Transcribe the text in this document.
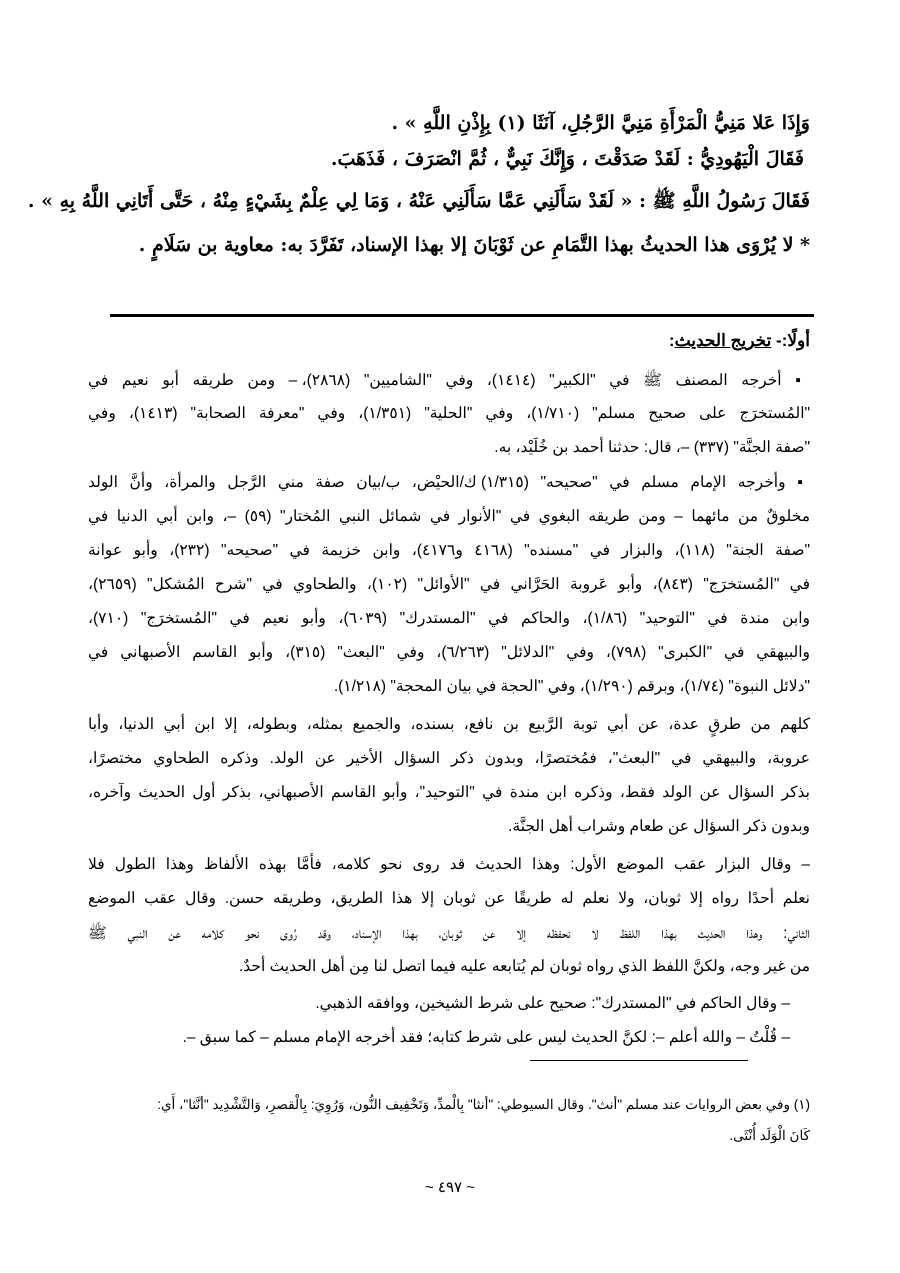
وَإِذَا عَلا مَنِيُّ الْمَرْأَةِ مَنِيَّ الرَّجُلِ، آنَثَا (١) بِإِذْنِ اللَّهِ » .
فَقَالَ الْيَهُودِيُّ : لَقَدْ صَدَقْتَ ، وَإِنَّكَ نَبِيٌّ ، ثُمَّ انْصَرَفَ ، فَذَهَبَ.
فَقَالَ رَسُولُ اللَّهِ ﷺ : « لَقَدْ سَأَلَنِي عَمَّا سَأَلَنِي عَنْهُ ، وَمَا لِي عِلْمٌ بِشَيْءٍ مِنْهُ ، حَتَّى أَتَانِي اللَّهُ بِهِ » .
* لا يُرْوَى هذا الحديثُ بهذا التَّمَامِ عن ثَوْبَانَ إلا بهذا الإسناد، تَفَرَّدَ به: معاوية بن سَلَامٍ .
أولًا:- تخريج الحديث:
▪ أخرجه المصنف ﷺ في "الكبير" (١٤١٤)، وفي "الشاميين" (٢٨٦٨)، – ومن طريقه أبو نعيم في
"المُستخرَج على صحيح مسلم" (١/٧١٠)، وفي "الحلية" (١/٣٥١)، وفي "معرفة الصحابة" (١٤١٣)، وفي
"صفة الجنَّة" (٣٣٧) –، قال: حدثنا أحمد بن خُلَيْد، به.
▪ وأخرجه الإمام مسلم في "صحيحه" (١/٣١٥) ك/الحيْض، ب/بيان صفة مني الرَّجل والمرأة، وأنَّ الولد
مخلوقٌ من مائهما – ومن طريقه البغوي في "الأنوار في شمائل النبي المُختار" (٥٩) –، وابن أبي الدنيا في
"صفة الجنة" (١١٨)، والبزار في "مسنده" (٤١٦٨ و٤١٧٦)، وابن خزيمة في "صحيحه" (٢٣٢)، وأبو عوانة
في "المُستخرَج" (٨٤٣)، وأبو عَروبة الحَرَّاني في "الأوائل" (١٠٢)، والطحاوي في "شرح المُشكل" (٢٦٥٩)،
وابن مندة في "التوحيد" (١/٨٦)، والحاكم في "المستدرك" (٦٠٣٩)، وأبو نعيم في "المُستخرَج" (٧١٠)،
والبيهقي في "الكبرى" (٧٩٨)، وفي "الدلائل" (٦/٢٦٣)، وفي "البعث" (٣١٥)، وأبو القاسم الأصبهاني في
"دلائل النبوة" (١/٧٤)، وبرقم (١/٢٩٠)، وفي "الحجة في بيان المحجة" (١/٢١٨).
كلهم من طرقٍ عدة، عن أبي توبة الرَّبيع بن نافع، بسنده، والجميع بمثله، وبطوله، إلا ابن أبي الدنيا، وأبا
عروبة، والبيهقي في "البعث"، فمُختصرًا، وبدون ذكر السؤال الأخير عن الولد. وذكره الطحاوي مختصرًا،
بذكر السؤال عن الولد فقط، وذكره ابن مندة في "التوحيد"، وأبو القاسم الأصبهاني، بذكر أول الحديث وآخره،
وبدون ذكر السؤال عن طعام وشراب أهل الجنَّة.
– وقال البزار عقب الموضع الأول: وهذا الحديث قد روى نحو كلامه، فأمَّا بهذه الألفاظ وهذا الطول فلا
نعلم أحدًا رواه إلا ثوبان، ولا نعلم له طريقًا عن ثوبان إلا هذا الطريق، وطريقه حسن. وقال عقب الموضع
الثاني: وهذا الحديث بهذا اللفظ لا نحفظه إلا عن ثوبان، بهذا الإسناد، وقد رُوى نحو كلامه عن النبي ﷺ
من غير وجه، ولكنَّ اللفظ الذي رواه ثوبان لم يُتابعه عليه فيما اتصل لنا مِن أهل الحديث أحدٌ.
– وقال الحاكم في "المستدرك": صحيح على شرط الشيخين، ووافقه الذهبي.
– قُلْتُ – والله أعلم –: لكنَّ الحديث ليس على شرط كتابه؛ فقد أخرجه الإمام مسلم – كما سبق –.
(١) وفي بعض الروايات عند مسلم "أنث". وقال السيوطي: "أنثا" بِالْمدِّ، وَتَخْفِيف النُّون، وَرُوِيَ: بِالْقصرِ، وَالتَّشْدِيد "أنَّثا"، أَي:
كَانَ الْوَلَد أُنْثَى.
~ ٤٩٧ ~
